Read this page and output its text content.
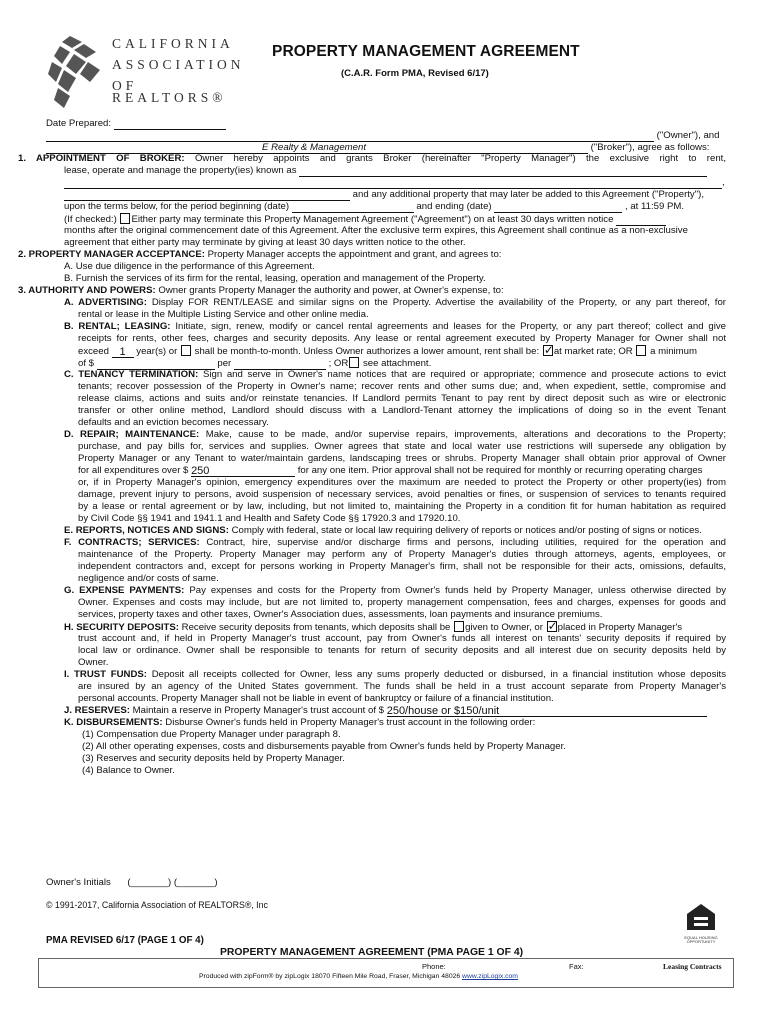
CALIFORNIA
ASSOCIATION
OF REALTORS®
PROPERTY MANAGEMENT AGREEMENT
(C.A.R. Form PMA, Revised 6/17)
Date Prepared:
("Owner"), and
E Realty & Management	("Broker"), agree as follows:
1. APPOINTMENT OF BROKER: Owner hereby appoints and grants Broker (hereinafter "Property Manager") the exclusive right to rent,
lease, operate and manage the property(ies) known as
,
and any additional property that may later be added to this Agreement ("Property"),
upon the terms below, for the period beginning (date)	and ending (date)	, at 11:59 PM.
(If checked:) Either party may terminate this Property Management Agreement ("Agreement") on at least 30 days written notice
months after the original commencement date of this Agreement. After the exclusive term expires, this Agreement shall continue as a non-exclusive
agreement that either party may terminate by giving at least 30 days written notice to the other.
2. PROPERTY MANAGER ACCEPTANCE: Property Manager accepts the appointment and grant, and agrees to:
A. Use due diligence in the performance of this Agreement.
B. Furnish the services of its firm for the rental, leasing, operation and management of the Property.
3. AUTHORITY AND POWERS: Owner grants Property Manager the authority and power, at Owner's expense, to:
A. ADVERTISING: Display FOR RENT/LEASE and similar signs on the Property. Advertise the availability of the Property, or any part thereof, for
rental or lease in the Multiple Listing Service and other online media.
B. RENTAL; LEASING: Initiate, sign, renew, modify or cancel rental agreements and leases for the Property, or any part thereof; collect and give
receipts for rents, other fees, charges and security deposits. Any lease or rental agreement executed by Property Manager for Owner shall not
exceed 1 year(s) or shall be month-to-month. Unless Owner authorizes a lower amount, rent shall be: ✓ at market rate; OR a minimum
of $	per	; OR see attachment.
C. TENANCY TERMINATION: Sign and serve in Owner's name notices that are required or appropriate; commence and prosecute actions to evict
tenants; recover possession of the Property in Owner's name; recover rents and other sums due; and, when expedient, settle, compromise and
release claims, actions and suits and/or reinstate tenancies. If Landlord permits Tenant to pay rent by direct deposit such as wire or electronic
transfer or other online method, Landlord should discuss with a Landlord-Tenant attorney the implications of doing so in the event Tenant
defaults and an eviction becomes necessary.
D. REPAIR; MAINTENANCE: Make, cause to be made, and/or supervise repairs, improvements, alterations and decorations to the Property;
purchase, and pay bills for, services and supplies. Owner agrees that state and local water use restrictions will supersede any obligation by
Property Manager or any Tenant to water/maintain gardens, landscaping trees or shrubs. Property Manager shall obtain prior approval of Owner
for all expenditures over $ 250	for any one item. Prior approval shall not be required for monthly or recurring operating charges
or, if in Property Manager's opinion, emergency expenditures over the maximum are needed to protect the Property or other property(ies) from
damage, prevent injury to persons, avoid suspension of necessary services, avoid penalties or fines, or suspension of services to tenants required
by a lease or rental agreement or by law, including, but not limited to, maintaining the Property in a condition fit for human habitation as required
by Civil Code §§ 1941 and 1941.1 and Health and Safety Code §§ 17920.3 and 17920.10.
E. REPORTS, NOTICES AND SIGNS: Comply with federal, state or local law requiring delivery of reports or notices and/or posting of signs or notices.
F. CONTRACTS; SERVICES: Contract, hire, supervise and/or discharge firms and persons, including utilities, required for the operation and
maintenance of the Property. Property Manager may perform any of Property Manager's duties through attorneys, agents, employees, or
independent contractors and, except for persons working in Property Manager's firm, shall not be responsible for their acts, omissions, defaults,
negligence and/or costs of same.
G. EXPENSE PAYMENTS: Pay expenses and costs for the Property from Owner's funds held by Property Manager, unless otherwise directed by
Owner. Expenses and costs may include, but are not limited to, property management compensation, fees and charges, expenses for goods and
services, property taxes and other taxes, Owner's Association dues, assessments, loan payments and insurance premiums.
H. SECURITY DEPOSITS: Receive security deposits from tenants, which deposits shall be given to Owner, or ✓ placed in Property Manager's
trust account and, if held in Property Manager's trust account, pay from Owner's funds all interest on tenants' security deposits if required by
local law or ordinance. Owner shall be responsible to tenants for return of security deposits and all interest due on security deposits held by
Owner.
I. TRUST FUNDS: Deposit all receipts collected for Owner, less any sums properly deducted or disbursed, in a financial institution whose deposits
are insured by an agency of the United States government. The funds shall be held in a trust account separate from Property Manager's
personal accounts. Property Manager shall not be liable in event of bankruptcy or failure of a financial institution.
J. RESERVES: Maintain a reserve in Property Manager's trust account of $ 250/house or $150/unit
K. DISBURSEMENTS: Disburse Owner's funds held in Property Manager's trust account in the following order:
(1) Compensation due Property Manager under paragraph 8.
(2) All other operating expenses, costs and disbursements payable from Owner's funds held by Property Manager.
(3) Reserves and security deposits held by Property Manager.
(4) Balance to Owner.
Owner's Initials (_______) (_______)
© 1991-2017, California Association of REALTORS®, Inc
EQUAL HOUSING OPPORTUNITY
PMA REVISED 6/17 (PAGE 1 OF 4)
PROPERTY MANAGEMENT AGREEMENT (PMA PAGE 1 OF 4)
Phone:	Fax:	Leasing Contracts
Produced with zipForm® by zipLogix 18070 Fifteen Mile Road, Fraser, Michigan 48026 www.zipLogix.com
